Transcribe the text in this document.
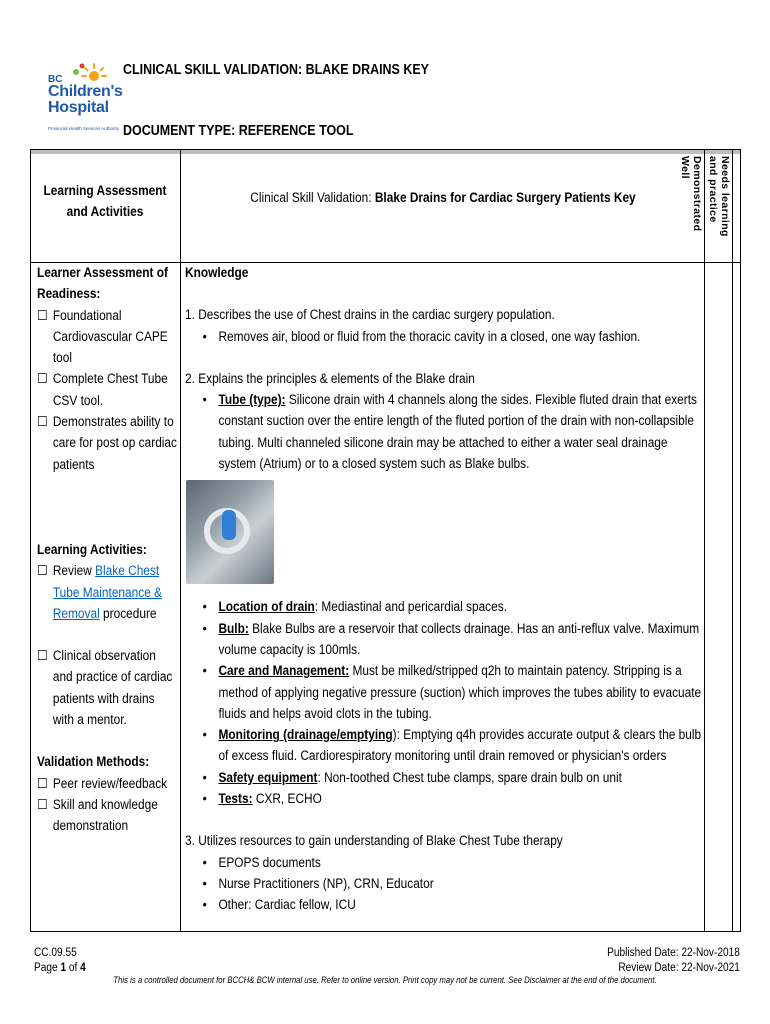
BC
Children's
Hospital
Provincial Health Services Authority
CLINICAL SKILL VALIDATION: BLAKE DRAINS KEY
DOCUMENT TYPE: REFERENCE TOOL
Learning Assessment and Activities
Clinical Skill Validation: Blake Drains for Cardiac Surgery Patients Key	Demonstrated Well	Needs learning and practice
Learner Assessment of Readiness:
☐ Foundational Cardiovascular CAPE tool
☐ Complete Chest Tube CSV tool.
☐ Demonstrates ability to care for post op cardiac patients
Learning Activities:
☐ Review Blake Chest Tube Maintenance & Removal procedure
☐ Clinical observation and practice of cardiac patients with drains with a mentor.
Validation Methods:
☐ Peer review/feedback
☐ Skill and knowledge demonstration
Knowledge
1. Describes the use of Chest drains in the cardiac surgery population.
• Removes air, blood or fluid from the thoracic cavity in a closed, one way fashion.
2. Explains the principles & elements of the Blake drain
• Tube (type): Silicone drain with 4 channels along the sides. Flexible fluted drain that exerts constant suction over the entire length of the fluted portion of the drain with non-collapsible tubing. Multi channeled silicone drain may be attached to either a water seal drainage system (Atrium) or to a closed system such as Blake bulbs.
• Location of drain: Mediastinal and pericardial spaces.
• Bulb: Blake Bulbs are a reservoir that collects drainage. Has an anti-reflux valve. Maximum volume capacity is 100mls.
• Care and Management: Must be milked/stripped q2h to maintain patency. Stripping is a method of applying negative pressure (suction) which improves the tubes ability to evacuate fluids and helps avoid clots in the tubing.
• Monitoring (drainage/emptying): Emptying q4h provides accurate output & clears the bulb of excess fluid. Cardiorespiratory monitoring until drain removed or physician's orders
• Safety equipment: Non-toothed Chest tube clamps, spare drain bulb on unit
• Tests: CXR, ECHO
3. Utilizes resources to gain understanding of Blake Chest Tube therapy
• EPOPS documents
• Nurse Practitioners (NP), CRN, Educator
• Other: Cardiac fellow, ICU
CC.09.55
Page 1 of 4
Published Date: 22-Nov-2018
Review Date: 22-Nov-2021
This is a controlled document for BCCH& BCW internal use. Refer to online version. Print copy may not be current. See Disclaimer at the end of the document.
